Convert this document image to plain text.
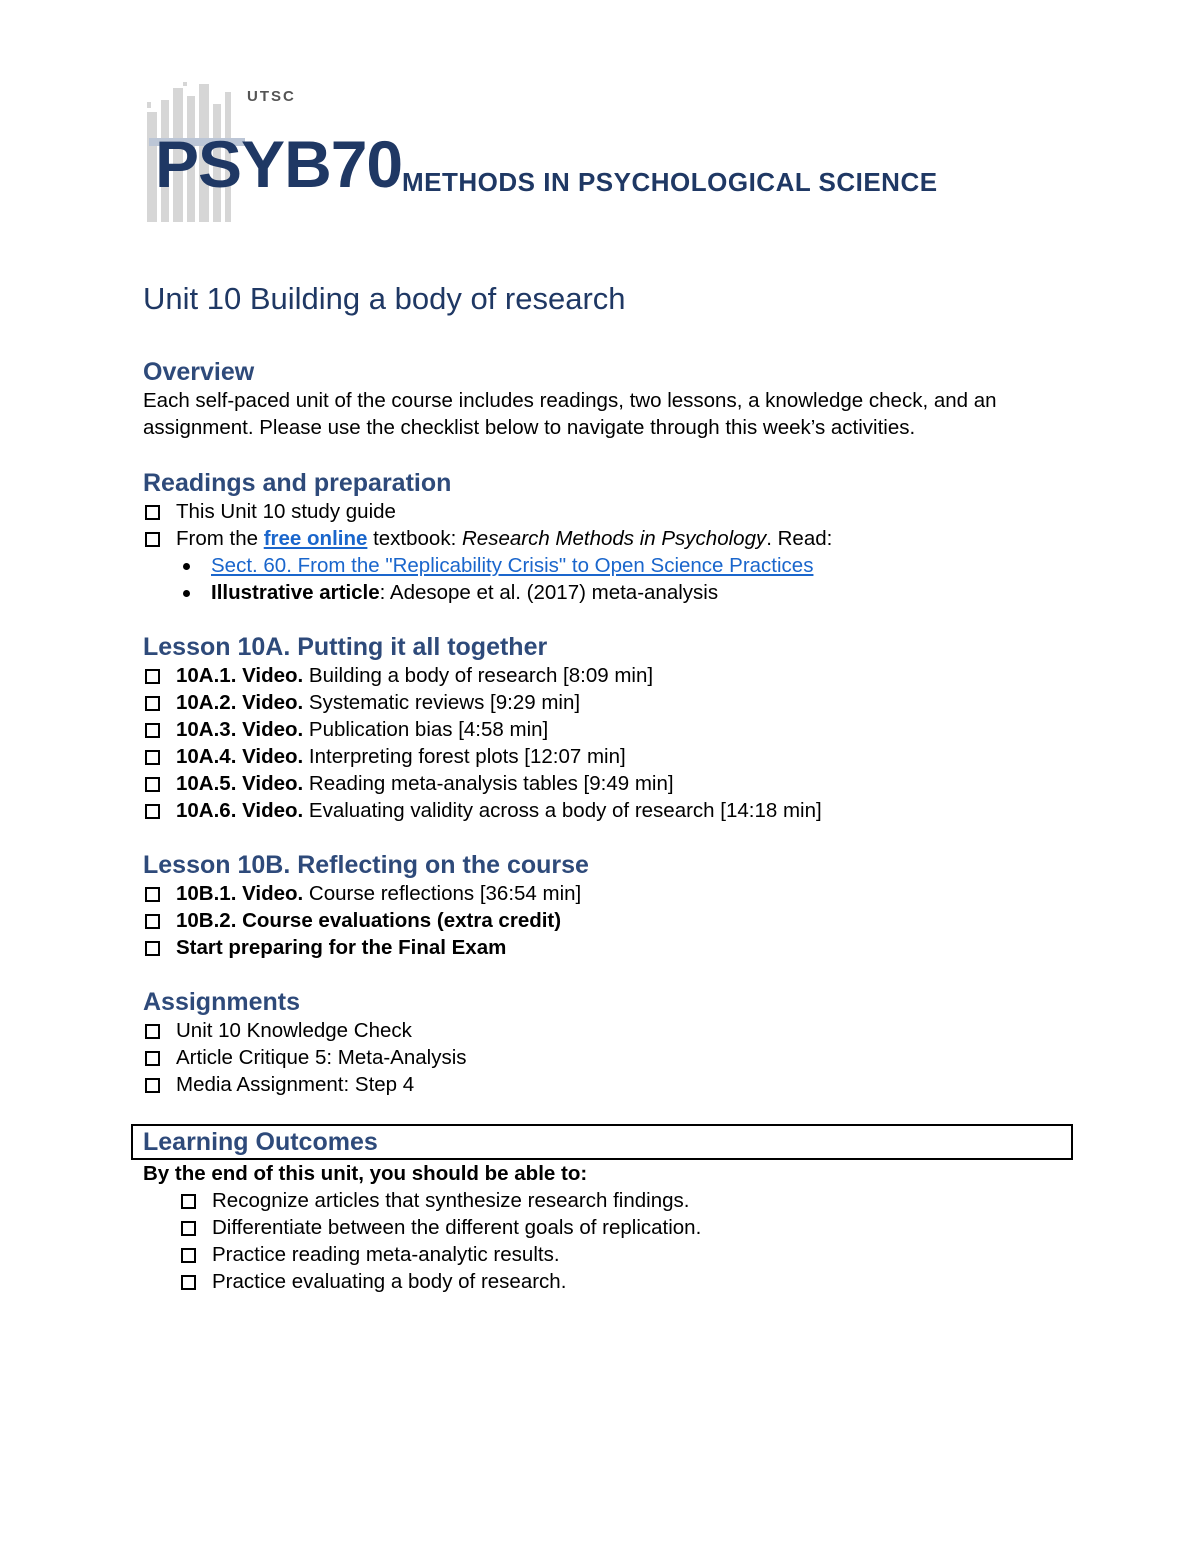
UTSC
PSYB70 METHODS IN PSYCHOLOGICAL SCIENCE
Unit 10 Building a body of research
Overview

Each self-paced unit of the course includes readings, two lessons, a knowledge check, and an assignment. Please use the checklist below to navigate through this week’s activities.

Readings and preparation
This Unit 10 study guide
From the free online textbook: Research Methods in Psychology. Read:
Sect. 60. From the "Replicability Crisis" to Open Science Practices
Illustrative article: Adesope et al. (2017) meta-analysis
Lesson 10A. Putting it all together
10A.1. Video. Building a body of research [8:09 min]
10A.2. Video. Systematic reviews [9:29 min]
10A.3. Video. Publication bias [4:58 min]
10A.4. Video. Interpreting forest plots [12:07 min]
10A.5. Video. Reading meta-analysis tables [9:49 min]
10A.6. Video. Evaluating validity across a body of research [14:18 min]
Lesson 10B. Reflecting on the course
10B.1. Video. Course reflections [36:54 min]
10B.2. Course evaluations (extra credit)
Start preparing for the Final Exam
Assignments
Unit 10 Knowledge Check
Article Critique 5: Meta-Analysis
Media Assignment: Step 4
Learning Outcomes

By the end of this unit, you should be able to:

Recognize articles that synthesize research findings.
Differentiate between the different goals of replication.
Practice reading meta-analytic results.
Practice evaluating a body of research.
